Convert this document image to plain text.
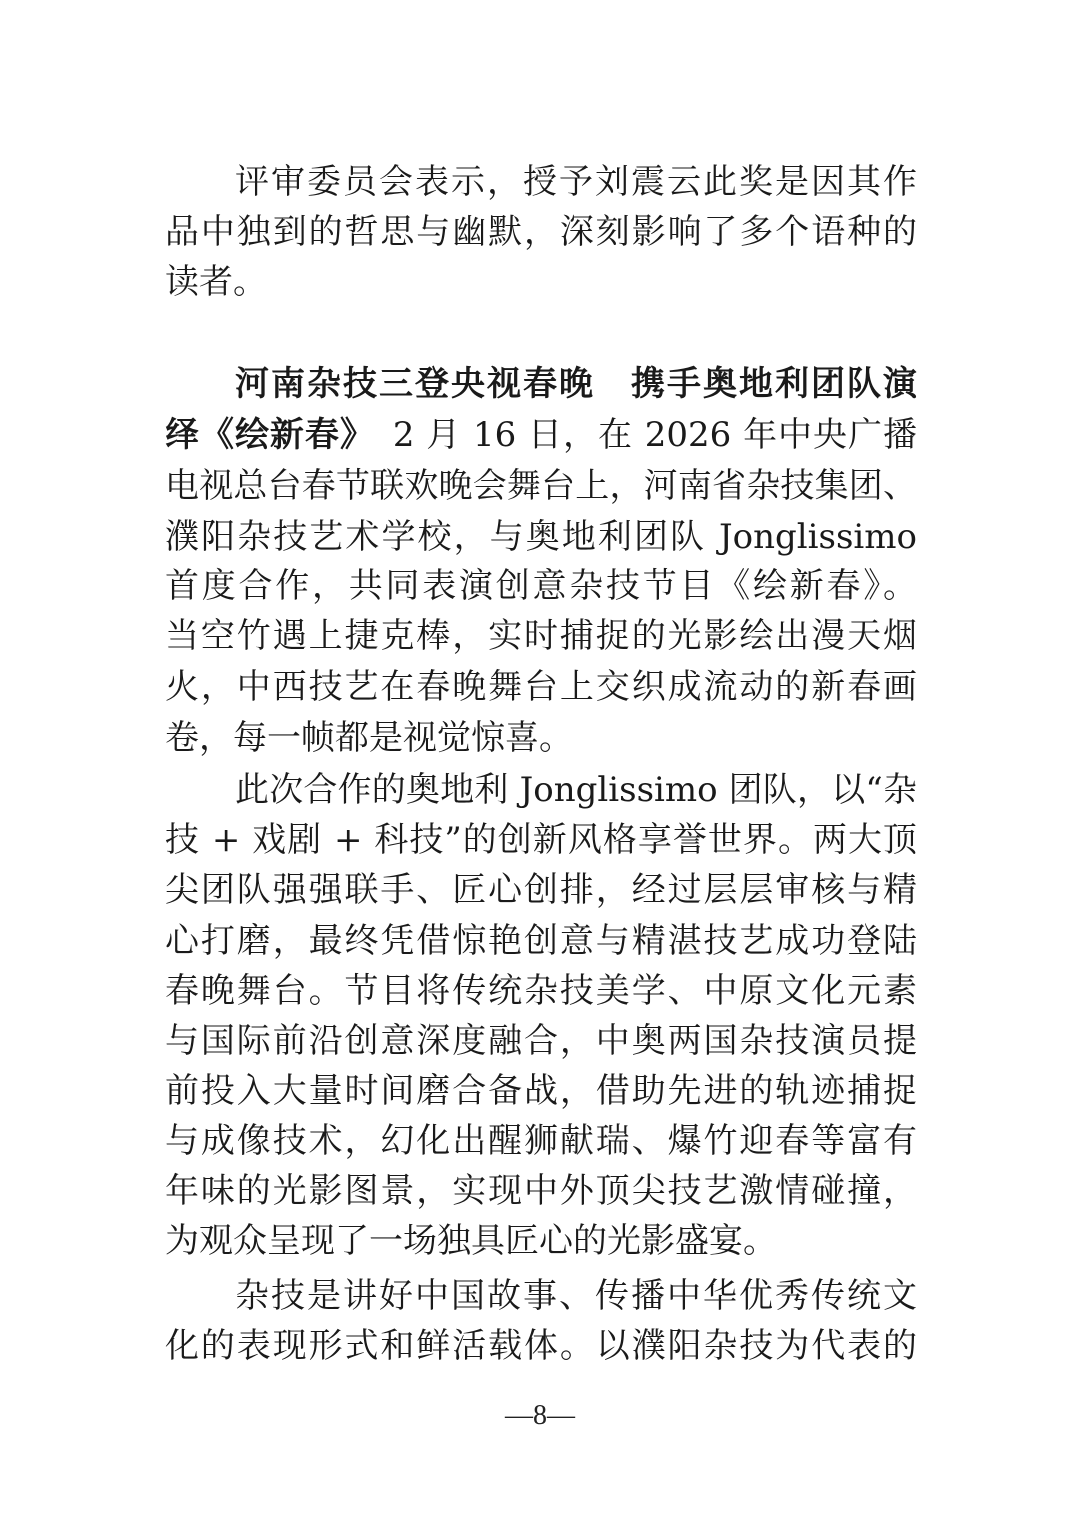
评审委员会表示，授予刘震云此奖是因其作
品中独到的哲思与幽默，深刻影响了多个语种的
读者。
河南杂技三登央视春晚　携手奥地利团队演
绎《绘新春》　2 月 16 日，在 2026 年中央广播
电视总台春节联欢晚会舞台上，河南省杂技集团、
濮阳杂技艺术学校，与奥地利团队 Jonglissimo
首度合作，共同表演创意杂技节目《绘新春》。
当空竹遇上捷克棒，实时捕捉的光影绘出漫天烟
火，中西技艺在春晚舞台上交织成流动的新春画
卷，每一帧都是视觉惊喜。
此次合作的奥地利 Jonglissimo 团队，以“杂
技 + 戏剧 + 科技”的创新风格享誉世界。两大顶
尖团队强强联手、匠心创排，经过层层审核与精
心打磨，最终凭借惊艳创意与精湛技艺成功登陆
春晚舞台。节目将传统杂技美学、中原文化元素
与国际前沿创意深度融合，中奥两国杂技演员提
前投入大量时间磨合备战，借助先进的轨迹捕捉
与成像技术，幻化出醒狮献瑞、爆竹迎春等富有
年味的光影图景，实现中外顶尖技艺激情碰撞，
为观众呈现了一场独具匠心的光影盛宴。
杂技是讲好中国故事、传播中华优秀传统文
化的表现形式和鲜活载体。以濮阳杂技为代表的
—8—
